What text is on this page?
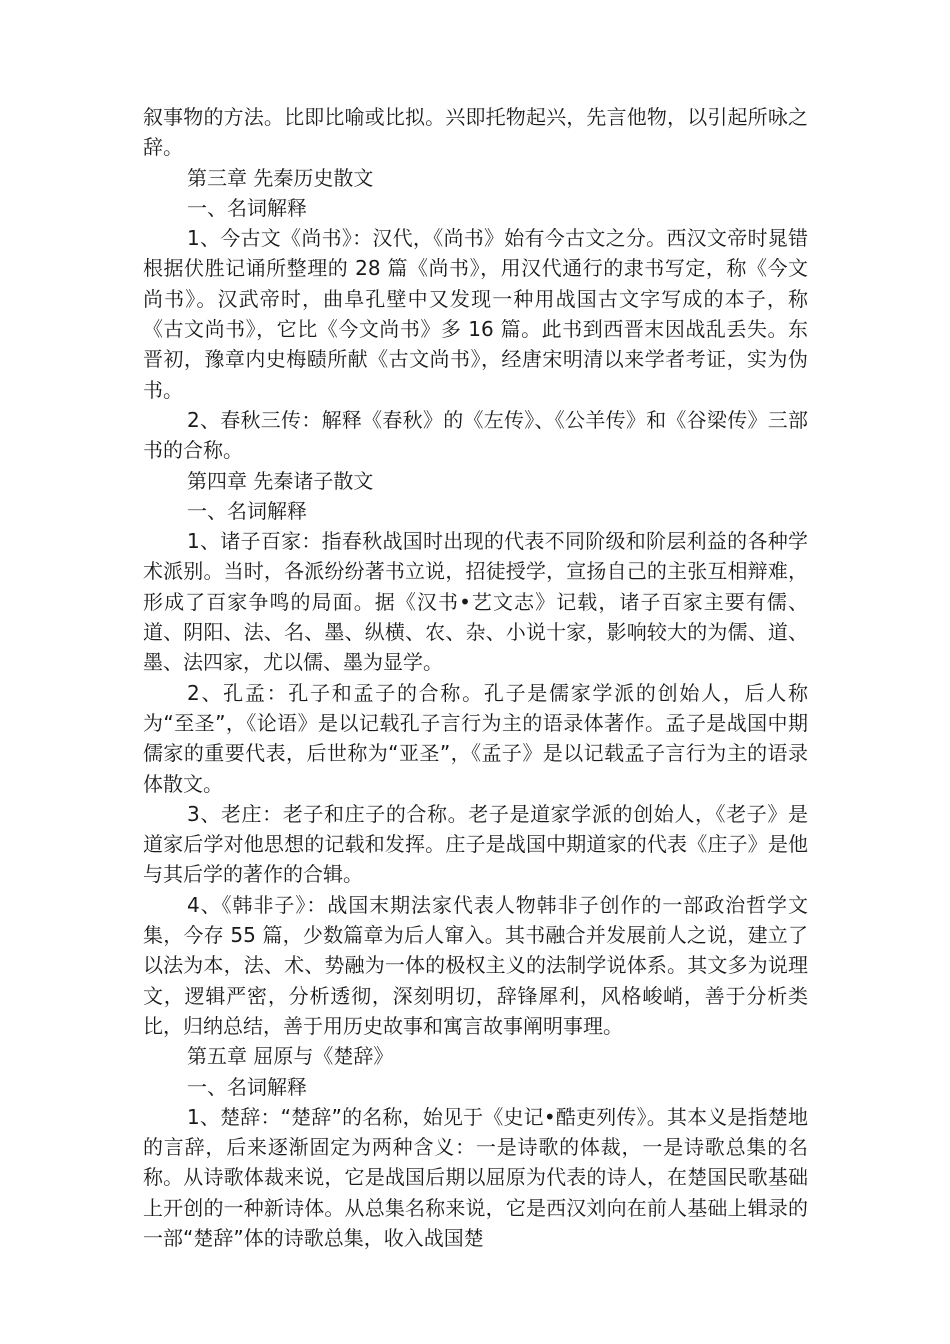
叙事物的方法。比即比喻或比拟。兴即托物起兴，先言他物，以引起所咏之辞。

第三章 先秦历史散文

一、名词解释

1、今古文《尚书》：汉代，《尚书》始有今古文之分。西汉文帝时晁错根据伏胜记诵所整理的 28 篇《尚书》，用汉代通行的隶书写定，称《今文尚书》。汉武帝时，曲阜孔壁中又发现一种用战国古文字写成的本子，称《古文尚书》，它比《今文尚书》多 16 篇。此书到西晋末因战乱丢失。东晋初，豫章内史梅赜所献《古文尚书》，经唐宋明清以来学者考证，实为伪书。

2、春秋三传：解释《春秋》的《左传》、《公羊传》和《谷梁传》三部书的合称。

第四章 先秦诸子散文

一、名词解释

1、诸子百家：指春秋战国时出现的代表不同阶级和阶层利益的各种学术派别。当时，各派纷纷著书立说，招徒授学，宣扬自己的主张互相辩难，形成了百家争鸣的局面。据《汉书•艺文志》记载，诸子百家主要有儒、道、阴阳、法、名、墨、纵横、农、杂、小说十家，影响较大的为儒、道、墨、法四家，尤以儒、墨为显学。

2、孔孟：孔子和孟子的合称。孔子是儒家学派的创始人，后人称为“至圣”，《论语》是以记载孔子言行为主的语录体著作。孟子是战国中期儒家的重要代表，后世称为“亚圣”，《孟子》是以记载孟子言行为主的语录体散文。

3、老庄：老子和庄子的合称。老子是道家学派的创始人，《老子》是道家后学对他思想的记载和发挥。庄子是战国中期道家的代表《庄子》是他与其后学的著作的合辑。

4、《韩非子》：战国末期法家代表人物韩非子创作的一部政治哲学文集，今存 55 篇，少数篇章为后人窜入。其书融合并发展前人之说，建立了以法为本，法、术、势融为一体的极权主义的法制学说体系。其文多为说理文，逻辑严密，分析透彻，深刻明切，辞锋犀利，风格峻峭，善于分析类比，归纳总结，善于用历史故事和寓言故事阐明事理。

第五章 屈原与《楚辞》

一、名词解释

1、楚辞：“楚辞”的名称，始见于《史记•酷吏列传》。其本义是指楚地的言辞，后来逐渐固定为两种含义：一是诗歌的体裁，一是诗歌总集的名称。从诗歌体裁来说，它是战国后期以屈原为代表的诗人，在楚国民歌基础上开创的一种新诗体。从总集名称来说，它是西汉刘向在前人基础上辑录的一部“楚辞”体的诗歌总集，收入战国楚
